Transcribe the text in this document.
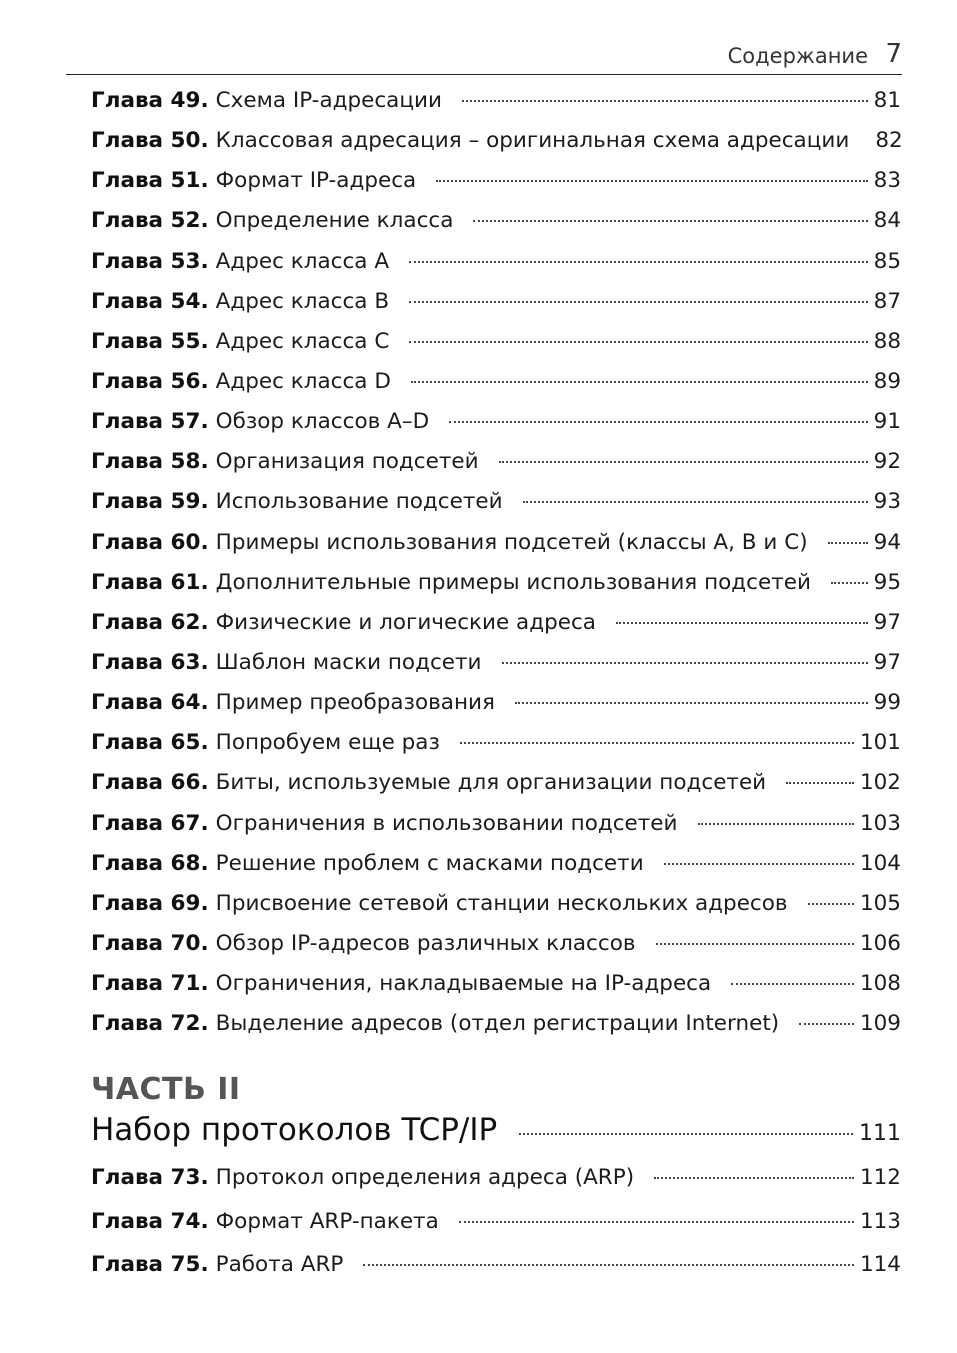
Содержание 7
Глава 49. Схема IP-адресации	81
Глава 50. Классовая адресация – оригинальная схема адресации 82
Глава 51. Формат IP-адреса	83
Глава 52. Определение класса	84
Глава 53. Адрес класса A	85
Глава 54. Адрес класса B	87
Глава 55. Адрес класса C	88
Глава 56. Адрес класса D	89
Глава 57. Обзор классов A–D	91
Глава 58. Организация подсетей	92
Глава 59. Использование подсетей	93
Глава 60. Примеры использования подсетей (классы A, B и C)	94
Глава 61. Дополнительные примеры использования подсетей	95
Глава 62. Физические и логические адреса	97
Глава 63. Шаблон маски подсети	97
Глава 64. Пример преобразования	99
Глава 65. Попробуем еще раз	101
Глава 66. Биты, используемые для организации подсетей	102
Глава 67. Ограничения в использовании подсетей	103
Глава 68. Решение проблем с масками подсети	104
Глава 69. Присвоение сетевой станции нескольких адресов	105
Глава 70. Обзор IP-адресов различных классов	106
Глава 71. Ограничения, накладываемые на IP-адреса	108
Глава 72. Выделение адресов (отдел регистрации Internet)	109
ЧАСТЬ II
Набор протоколов TCP/IP	111
Глава 73. Протокол определения адреса (ARP)	112
Глава 74. Формат ARP-пакета	113
Глава 75. Работа ARP	114
